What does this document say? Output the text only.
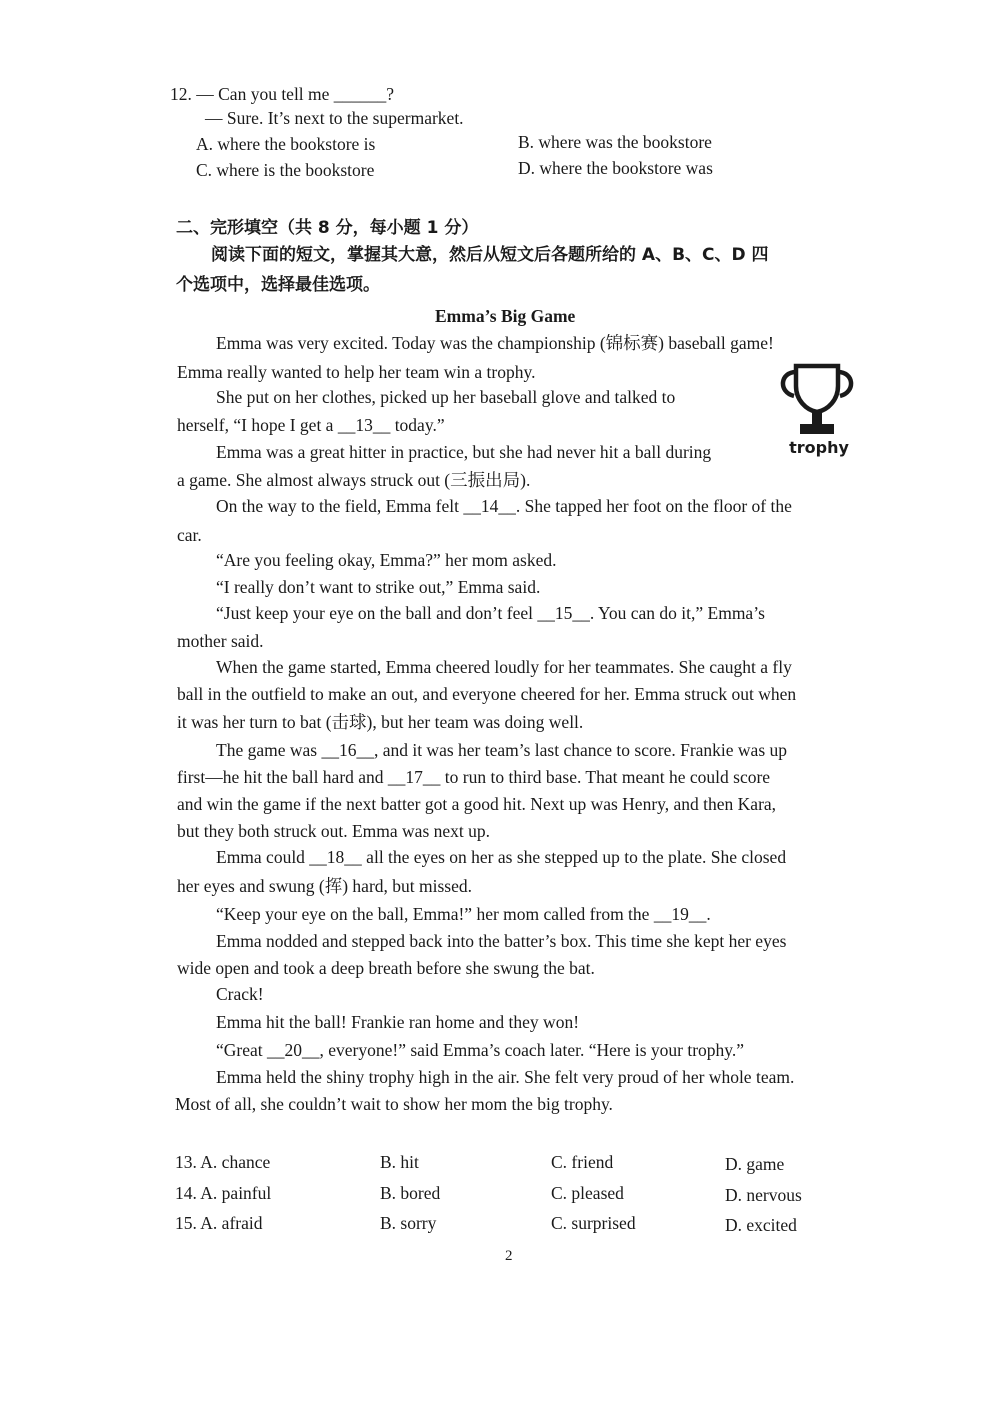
12. — Can you tell me ______?
— Sure. It’s next to the supermarket.
A. where the bookstore is	B. where was the bookstore
C. where is the bookstore	D. where the bookstore was
二、完形填空（共 8 分，每小题 1 分）
阅读下面的短文，掌握其大意，然后从短文后各题所给的 A、B、C、D 四
个选项中，选择最佳选项。
Emma’s Big Game
Emma was very excited. Today was the championship (锦标赛) baseball game!
Emma really wanted to help her team win a trophy.
She put on her clothes, picked up her baseball glove and talked to
herself, “I hope I get a __13__ today.”
Emma was a great hitter in practice, but she had never hit a ball during
a game. She almost always struck out (三振出局).
On the way to the field, Emma felt __14__. She tapped her foot on the floor of the
car.
“Are you feeling okay, Emma?” her mom asked.
“I really don’t want to strike out,” Emma said.
“Just keep your eye on the ball and don’t feel __15__. You can do it,” Emma’s
mother said.
When the game started, Emma cheered loudly for her teammates. She caught a fly
ball in the outfield to make an out, and everyone cheered for her. Emma struck out when
it was her turn to bat (击球), but her team was doing well.
The game was __16__, and it was her team’s last chance to score. Frankie was up
first—he hit the ball hard and __17__ to run to third base. That meant he could score
and win the game if the next batter got a good hit. Next up was Henry, and then Kara,
but they both struck out. Emma was next up.
Emma could __18__ all the eyes on her as she stepped up to the plate. She closed
her eyes and swung (挥) hard, but missed.
“Keep your eye on the ball, Emma!” her mom called from the __19__.
Emma nodded and stepped back into the batter’s box. This time she kept her eyes
wide open and took a deep breath before she swung the bat.
Crack!
Emma hit the ball! Frankie ran home and they won!
“Great __20__, everyone!” said Emma’s coach later. “Here is your trophy.”
Emma held the shiny trophy high in the air. She felt very proud of her whole team.
Most of all, she couldn’t wait to show her mom the big trophy.
trophy
13. A. chance	B. hit	C. friend	D. game
14. A. painful	B. bored	C. pleased	D. nervous
15. A. afraid	B. sorry	C. surprised	D. excited
2
